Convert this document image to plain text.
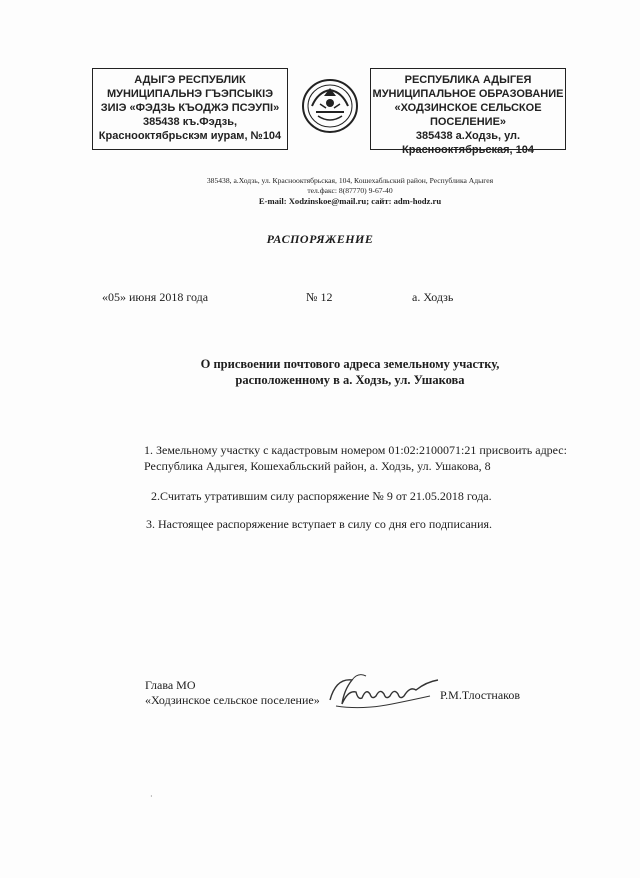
АДЫГЭ РЕСПУБЛИК
МУНИЦИПАЛЬНЭ ГЪЭПСЫКIЭ
ЗИIЭ «ФЭДЗЬ КЪОДЖЭ ПСЭУПI»
385438 къ.Фэдзь,
Краснооктябрьскэм иурам, №104
РЕСПУБЛИКА АДЫГЕЯ
МУНИЦИПАЛЬНОЕ ОБРАЗОВАНИЕ
«ХОДЗИНСКОЕ СЕЛЬСКОЕ
ПОСЕЛЕНИЕ»
385438 а.Ходзь, ул.
Краснооктябрьская, 104
385438, а.Ходзь, ул. Краснооктябрьская, 104, Кошехабльский район, Республика Адыгея
тел.факс: 8(87770) 9-67-40
E-mail: Xodzinskoe@mail.ru; сайт: adm-hodz.ru
РАСПОРЯЖЕНИЕ
«05» июня 2018 года	№ 12	а. Ходзь
О присвоении почтового адреса земельному участку,
расположенному в а. Ходзь, ул. Ушакова
1. Земельному участку с кадастровым номером 01:02:2100071:21 присвоить адрес:
Республика Адыгея, Кошехабльский район, а. Ходзь, ул. Ушакова, 8
2.Считать утратившим силу распоряжение № 9 от 21.05.2018 года.
3. Настоящее распоряжение вступает в силу со дня его подписания.
Глава МО
«Ходзинское сельское поселение»	Р.М.Тлостнаков
·
